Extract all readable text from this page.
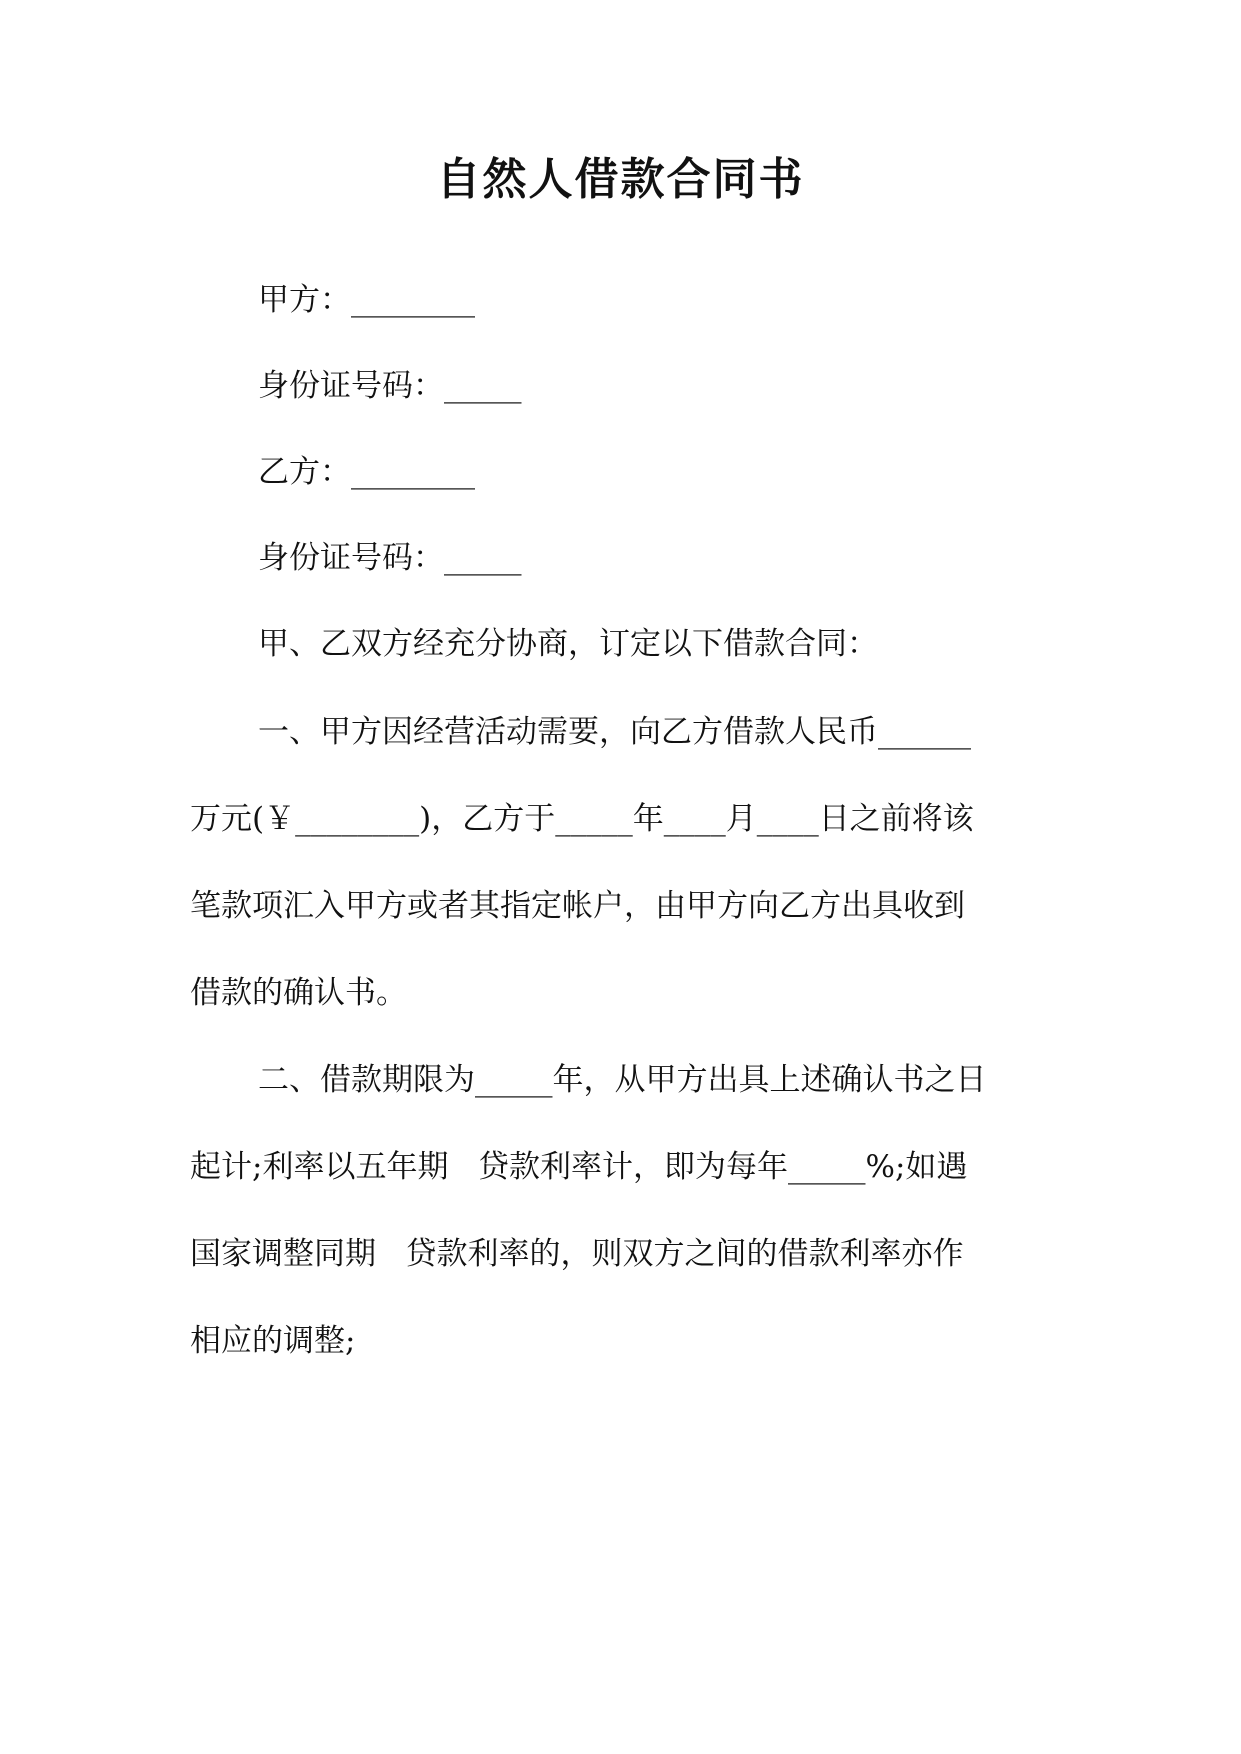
自然人借款合同书

甲方：________

身份证号码：_____

乙方：________

身份证号码：_____

甲、乙双方经充分协商，订定以下借款合同：

一、甲方因经营活动需要，向乙方借款人民币______

万元(￥________)，乙方于_____年____月____日之前将该

笔款项汇入甲方或者其指定帐户，由甲方向乙方出具收到

借款的确认书。

二、借款期限为_____年，从甲方出具上述确认书之日

起计;利率以五年期   贷款利率计，即为每年_____%;如遇

国家调整同期   贷款利率的，则双方之间的借款利率亦作

相应的调整;
